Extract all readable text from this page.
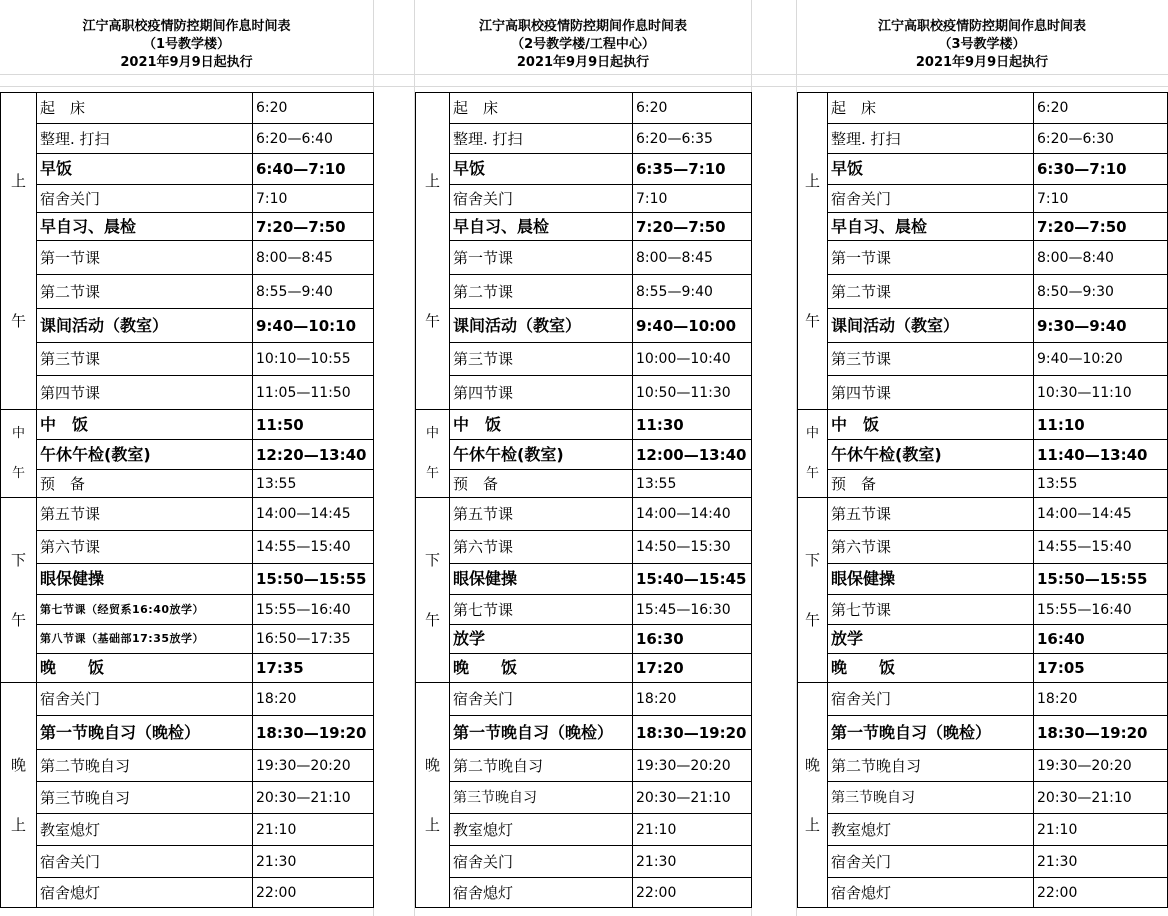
江宁高职校疫情防控期间作息时间表
（1号教学楼）
2021年9月9日起执行
上

午	起　床	6:20
	整理. 打扫	6:20—6:40
	早饭	6:40—7:10
	宿舍关门	7:10
	早自习、晨检	7:20—7:50
	第一节课	8:00—8:45
	第二节课	8:55—9:40
	课间活动（教室）	9:40—10:10
	第三节课	10:10—10:55
	第四节课	11:05—11:50
中

午	中　饭	11:50
	午休午检(教室)	12:20—13:40
	预　备	13:55
下

午	第五节课	14:00—14:45
	第六节课	14:55—15:40
	眼保健操	15:50—15:55
	第七节课（经贸系16:40放学）	15:55—16:40
	第八节课（基础部17:35放学）	16:50—17:35
	晚　　饭	17:35
晚

上	宿舍关门	18:20
	第一节晚自习（晚检）	18:30—19:20
	第二节晚自习	19:30—20:20
	第三节晚自习	20:30—21:10
	教室熄灯	21:10
	宿舍关门	21:30
	宿舍熄灯	22:00
江宁高职校疫情防控期间作息时间表
（2号教学楼/工程中心）
2021年9月9日起执行
上

午	起　床	6:20
	整理. 打扫	6:20—6:35
	早饭	6:35—7:10
	宿舍关门	7:10
	早自习、晨检	7:20—7:50
	第一节课	8:00—8:45
	第二节课	8:55—9:40
	课间活动（教室）	9:40—10:00
	第三节课	10:00—10:40
	第四节课	10:50—11:30
中

午	中　饭	11:30
	午休午检(教室)	12:00—13:40
	预　备	13:55
下

午	第五节课	14:00—14:40
	第六节课	14:50—15:30
	眼保健操	15:40—15:45
	第七节课	15:45—16:30
	放学	16:30
	晚　　饭	17:20
晚

上	宿舍关门	18:20
	第一节晚自习（晚检）	18:30—19:20
	第二节晚自习	19:30—20:20
	第三节晚自习	20:30—21:10
	教室熄灯	21:10
	宿舍关门	21:30
	宿舍熄灯	22:00
江宁高职校疫情防控期间作息时间表
（3号教学楼）
2021年9月9日起执行
上

午	起　床	6:20
	整理. 打扫	6:20—6:30
	早饭	6:30—7:10
	宿舍关门	7:10
	早自习、晨检	7:20—7:50
	第一节课	8:00—8:40
	第二节课	8:50—9:30
	课间活动（教室）	9:30—9:40
	第三节课	9:40—10:20
	第四节课	10:30—11:10
中

午	中　饭	11:10
	午休午检(教室)	11:40—13:40
	预　备	13:55
下

午	第五节课	14:00—14:45
	第六节课	14:55—15:40
	眼保健操	15:50—15:55
	第七节课	15:55—16:40
	放学	16:40
	晚　　饭	17:05
晚

上	宿舍关门	18:20
	第一节晚自习（晚检）	18:30—19:20
	第二节晚自习	19:30—20:20
	第三节晚自习	20:30—21:10
	教室熄灯	21:10
	宿舍关门	21:30
	宿舍熄灯	22:00
